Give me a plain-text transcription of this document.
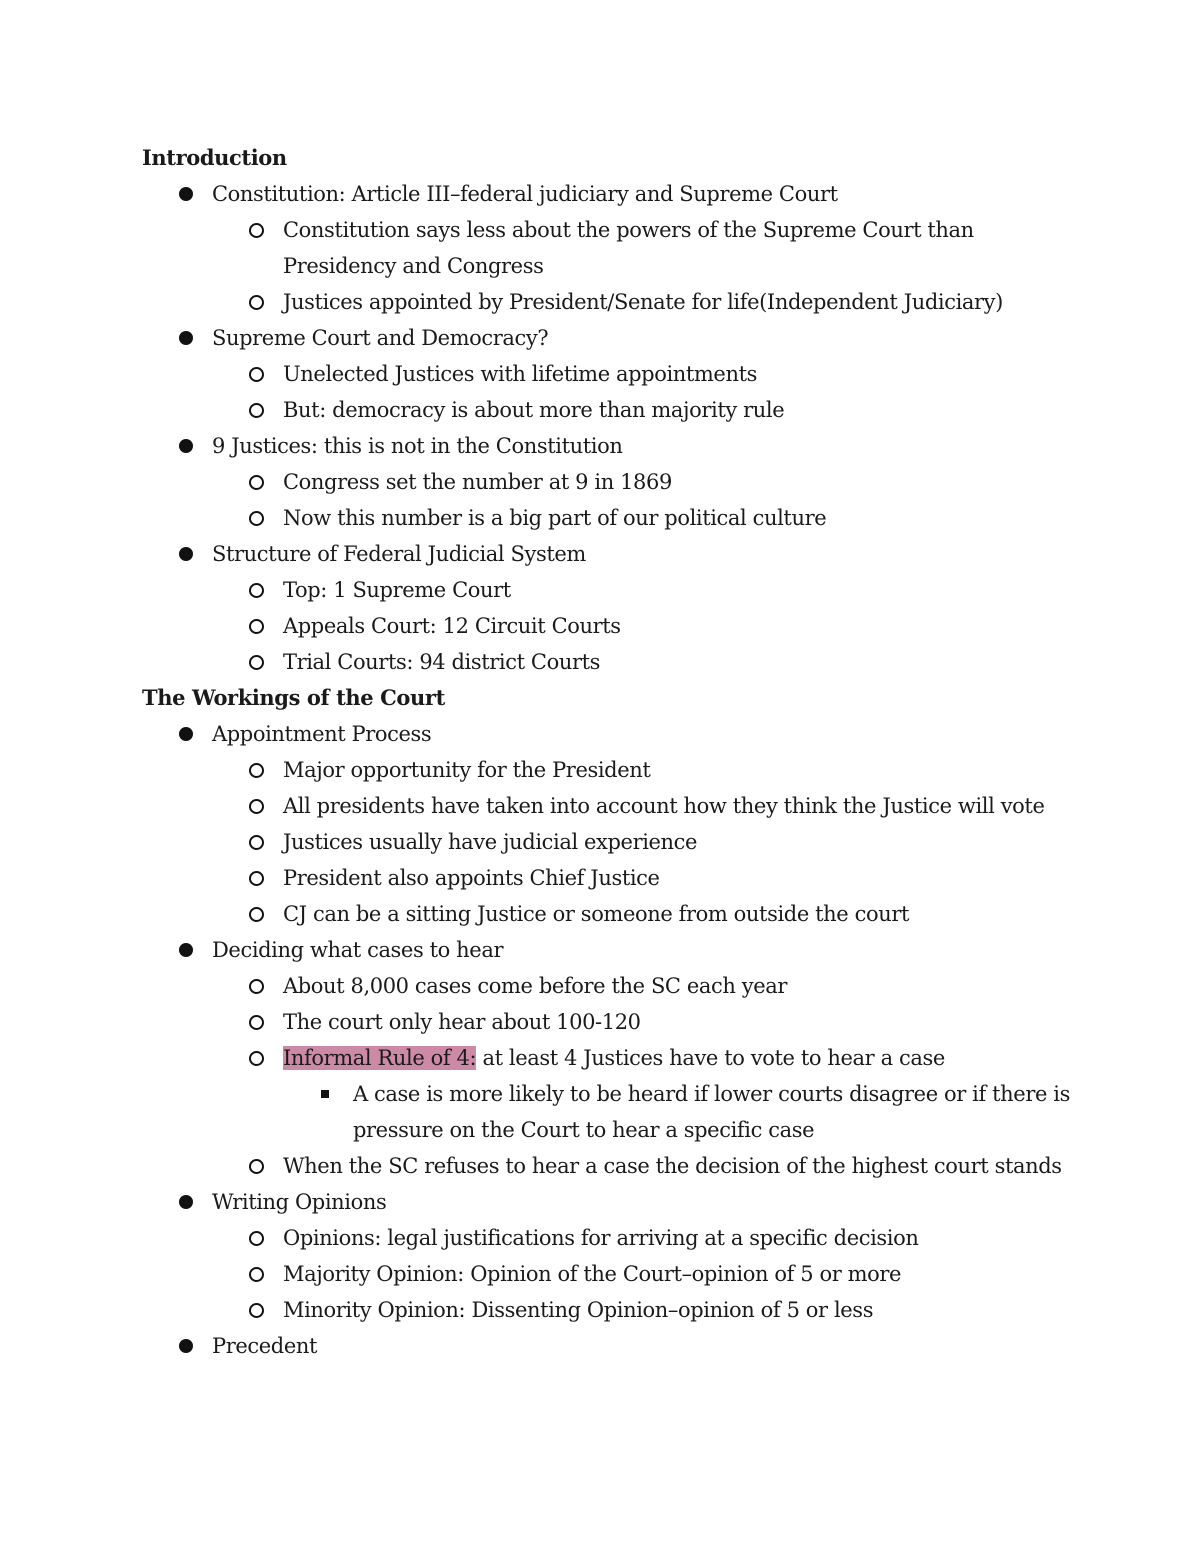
Introduction
Constitution: Article III–federal judiciary and Supreme Court
Constitution says less about the powers of the Supreme Court than Presidency and Congress
Justices appointed by President/Senate for life(Independent Judiciary)
Supreme Court and Democracy?
Unelected Justices with lifetime appointments
But: democracy is about more than majority rule
9 Justices: this is not in the Constitution
Congress set the number at 9 in 1869
Now this number is a big part of our political culture
Structure of Federal Judicial System
Top: 1 Supreme Court
Appeals Court: 12 Circuit Courts
Trial Courts: 94 district Courts
The Workings of the Court
Appointment Process
Major opportunity for the President
All presidents have taken into account how they think the Justice will vote
Justices usually have judicial experience
President also appoints Chief Justice
CJ can be a sitting Justice or someone from outside the court
Deciding what cases to hear
About 8,000 cases come before the SC each year
The court only hear about 100-120
Informal Rule of 4: at least 4 Justices have to vote to hear a case
A case is more likely to be heard if lower courts disagree or if there is pressure on the Court to hear a specific case
When the SC refuses to hear a case the decision of the highest court stands
Writing Opinions
Opinions: legal justifications for arriving at a specific decision
Majority Opinion: Opinion of the Court–opinion of 5 or more
Minority Opinion: Dissenting Opinion–opinion of 5 or less
Precedent
